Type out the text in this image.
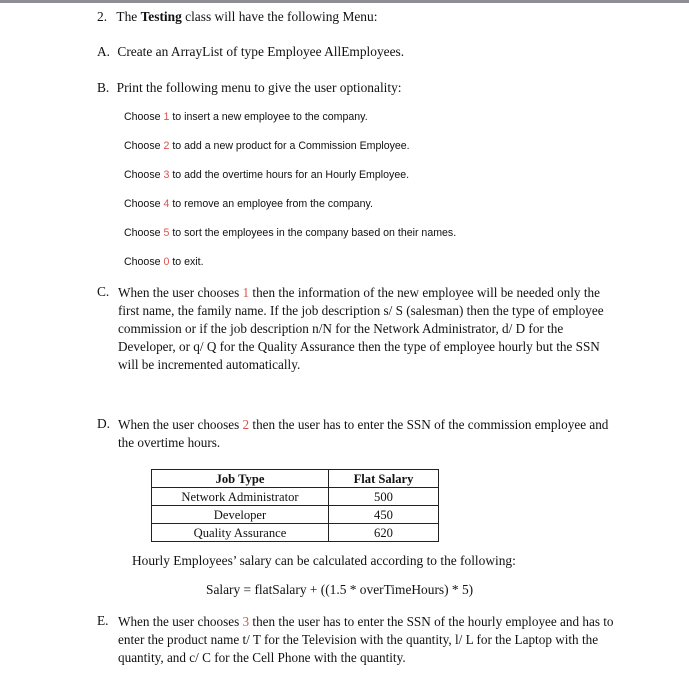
2. The Testing class will have the following Menu:
A. Create an ArrayList of type Employee AllEmployees.
B. Print the following menu to give the user optionality:
Choose 1 to insert a new employee to the company.
Choose 2 to add a new product for a Commission Employee.
Choose 3 to add the overtime hours for an Hourly Employee.
Choose 4 to remove an employee from the company.
Choose 5 to sort the employees in the company based on their names.
Choose 0 to exit.
C. When the user chooses 1 then the information of the new employee will be needed only the first name, the family name. If the job description s/ S (salesman) then the type of employee commission or if the job description n/N for the Network Administrator, d/ D for the Developer, or q/ Q for the Quality Assurance then the type of employee hourly but the SSN will be incremented automatically.
D. When the user chooses 2 then the user has to enter the SSN of the commission employee and the overtime hours.
Job Type	Flat Salary
Network Administrator	500
Developer	450
Quality Assurance	620
Hourly Employees’ salary can be calculated according to the following:
Salary = flatSalary + ((1.5 * overTimeHours) * 5)
E. When the user chooses 3 then the user has to enter the SSN of the hourly employee and has to enter the product name t/ T for the Television with the quantity, l/ L for the Laptop with the quantity, and c/ C for the Cell Phone with the quantity.
